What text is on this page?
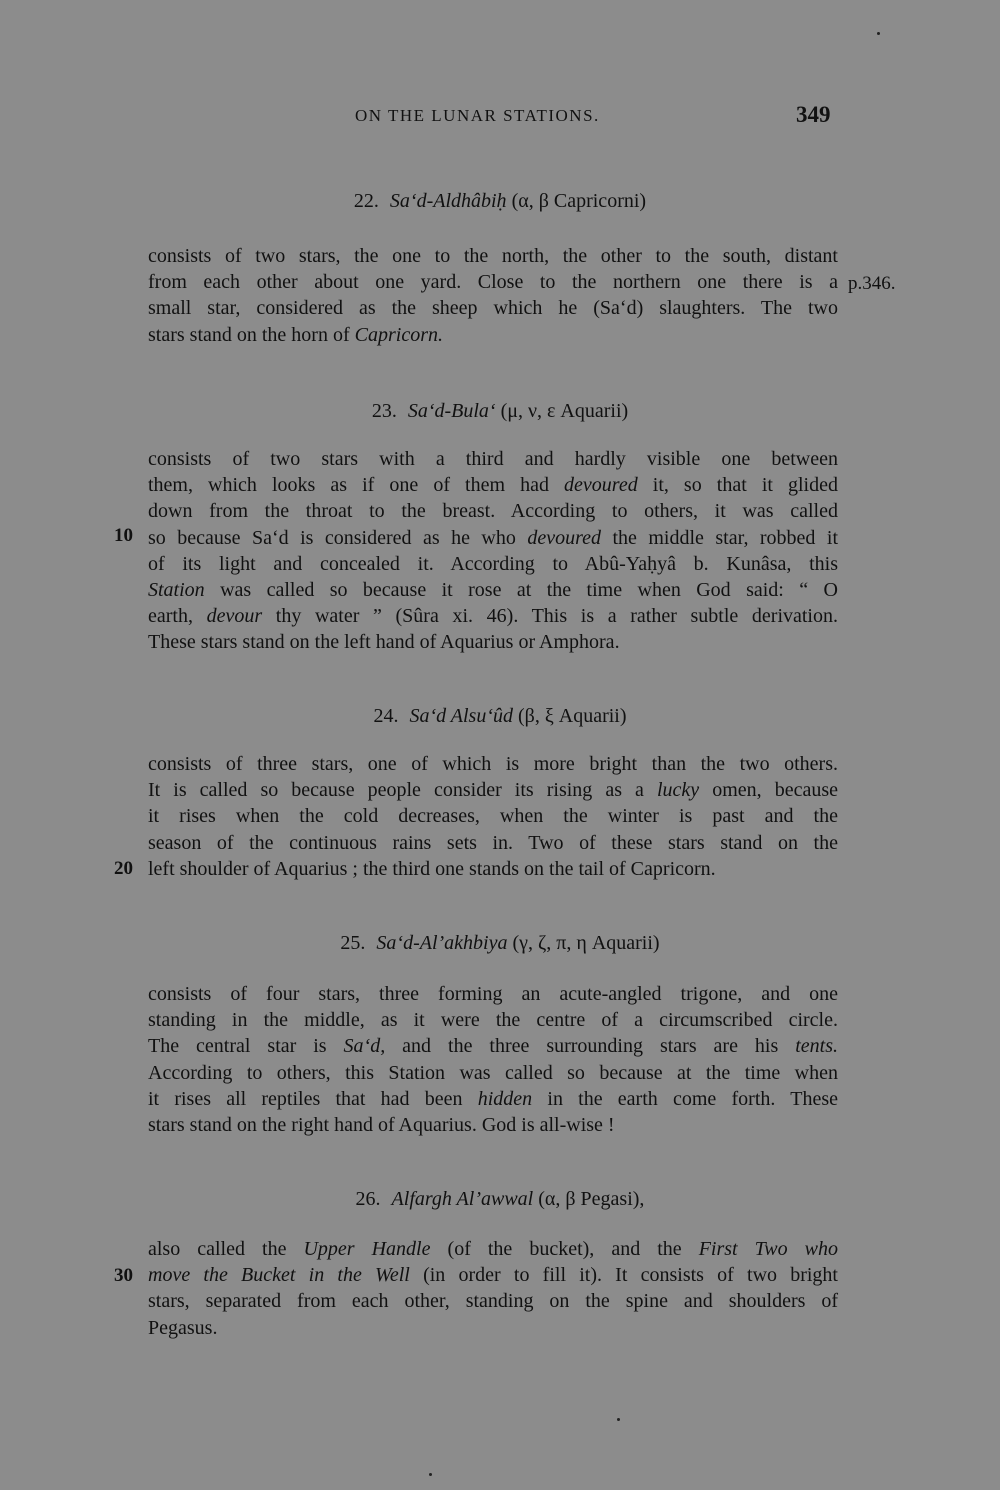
ON THE LUNAR STATIONS.	349
p.346.
10
20
30
22. Sa‘d-Aldhâbiḥ (α, β Capricorni)
consists of two stars, the one to the north, the other to the south, distant
from each other about one yard. Close to the northern one there is a
small star, considered as the sheep which he (Sa‘d) slaughters. The two
stars stand on the horn of Capricorn.
23. Sa‘d-Bula‘ (μ, ν, ε Aquarii)
consists of two stars with a third and hardly visible one between
them, which looks as if one of them had devoured it, so that it glided
down from the throat to the breast. According to others, it was called
so because Sa‘d is considered as he who devoured the middle star, robbed it
of its light and concealed it. According to Abû-Yaḥyâ b. Kunâsa, this
Station was called so because it rose at the time when God said: “ O
earth, devour thy water ” (Sûra xi. 46). This is a rather subtle derivation.
These stars stand on the left hand of Aquarius or Amphora.
24. Sa‘d Alsu‘ûd (β, ξ Aquarii)
consists of three stars, one of which is more bright than the two others.
It is called so because people consider its rising as a lucky omen, because
it rises when the cold decreases, when the winter is past and the
season of the continuous rains sets in. Two of these stars stand on the
left shoulder of Aquarius ; the third one stands on the tail of Capricorn.
25. Sa‘d-Al’akhbiya (γ, ζ, π, η Aquarii)
consists of four stars, three forming an acute-angled trigone, and one
standing in the middle, as it were the centre of a circumscribed circle.
The central star is Sa‘d, and the three surrounding stars are his tents.
According to others, this Station was called so because at the time when
it rises all reptiles that had been hidden in the earth come forth. These
stars stand on the right hand of Aquarius. God is all-wise !
26. Alfargh Al’awwal (α, β Pegasi),
also called the Upper Handle (of the bucket), and the First Two who
move the Bucket in the Well (in order to fill it). It consists of two bright
stars, separated from each other, standing on the spine and shoulders of
Pegasus.
